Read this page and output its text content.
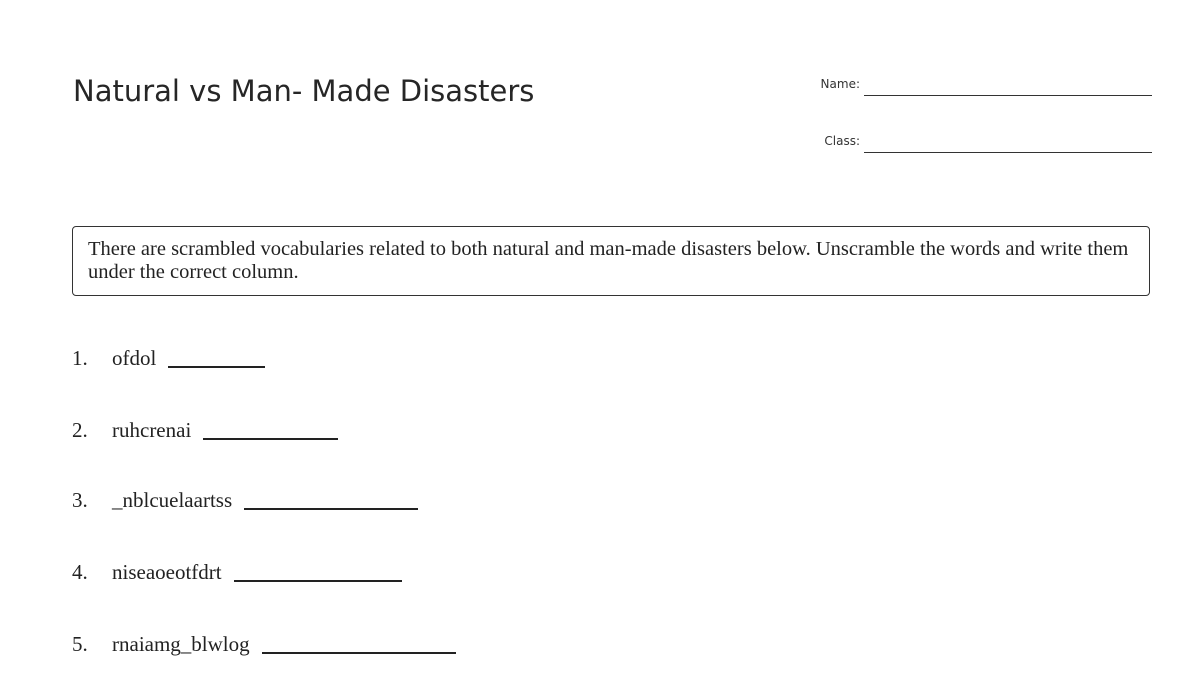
Natural vs Man- Made Disasters	Name:
Class:
There are scrambled vocabularies related to both natural and man-made disasters below. Unscramble the words and write them under the correct column.
1.	ofdol
2.	ruhcrenai
3.	_nblcuelaartss
4.	niseaoeotfdrt
5.	rnaiamg_blwlog
